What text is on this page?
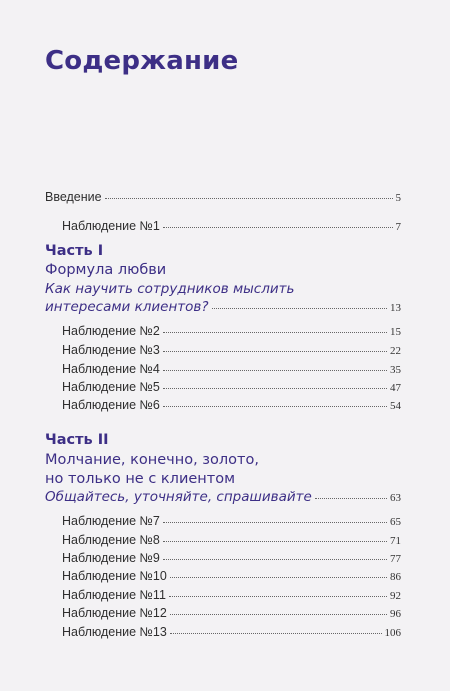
Содержание
Введение	5
Наблюдение №1	7
Часть I
Формула любви
Как научить сотрудников мыслить
интересами клиентов?	13
Наблюдение №2	15
Наблюдение №3	22
Наблюдение №4	35
Наблюдение №5	47
Наблюдение №6	54
Часть II
Молчание, конечно, золото,
но только не с клиентом
Общайтесь, уточняйте, спрашивайте	63
Наблюдение №7	65
Наблюдение №8	71
Наблюдение №9	77
Наблюдение №10	86
Наблюдение №11	92
Наблюдение №12	96
Наблюдение №13	106
